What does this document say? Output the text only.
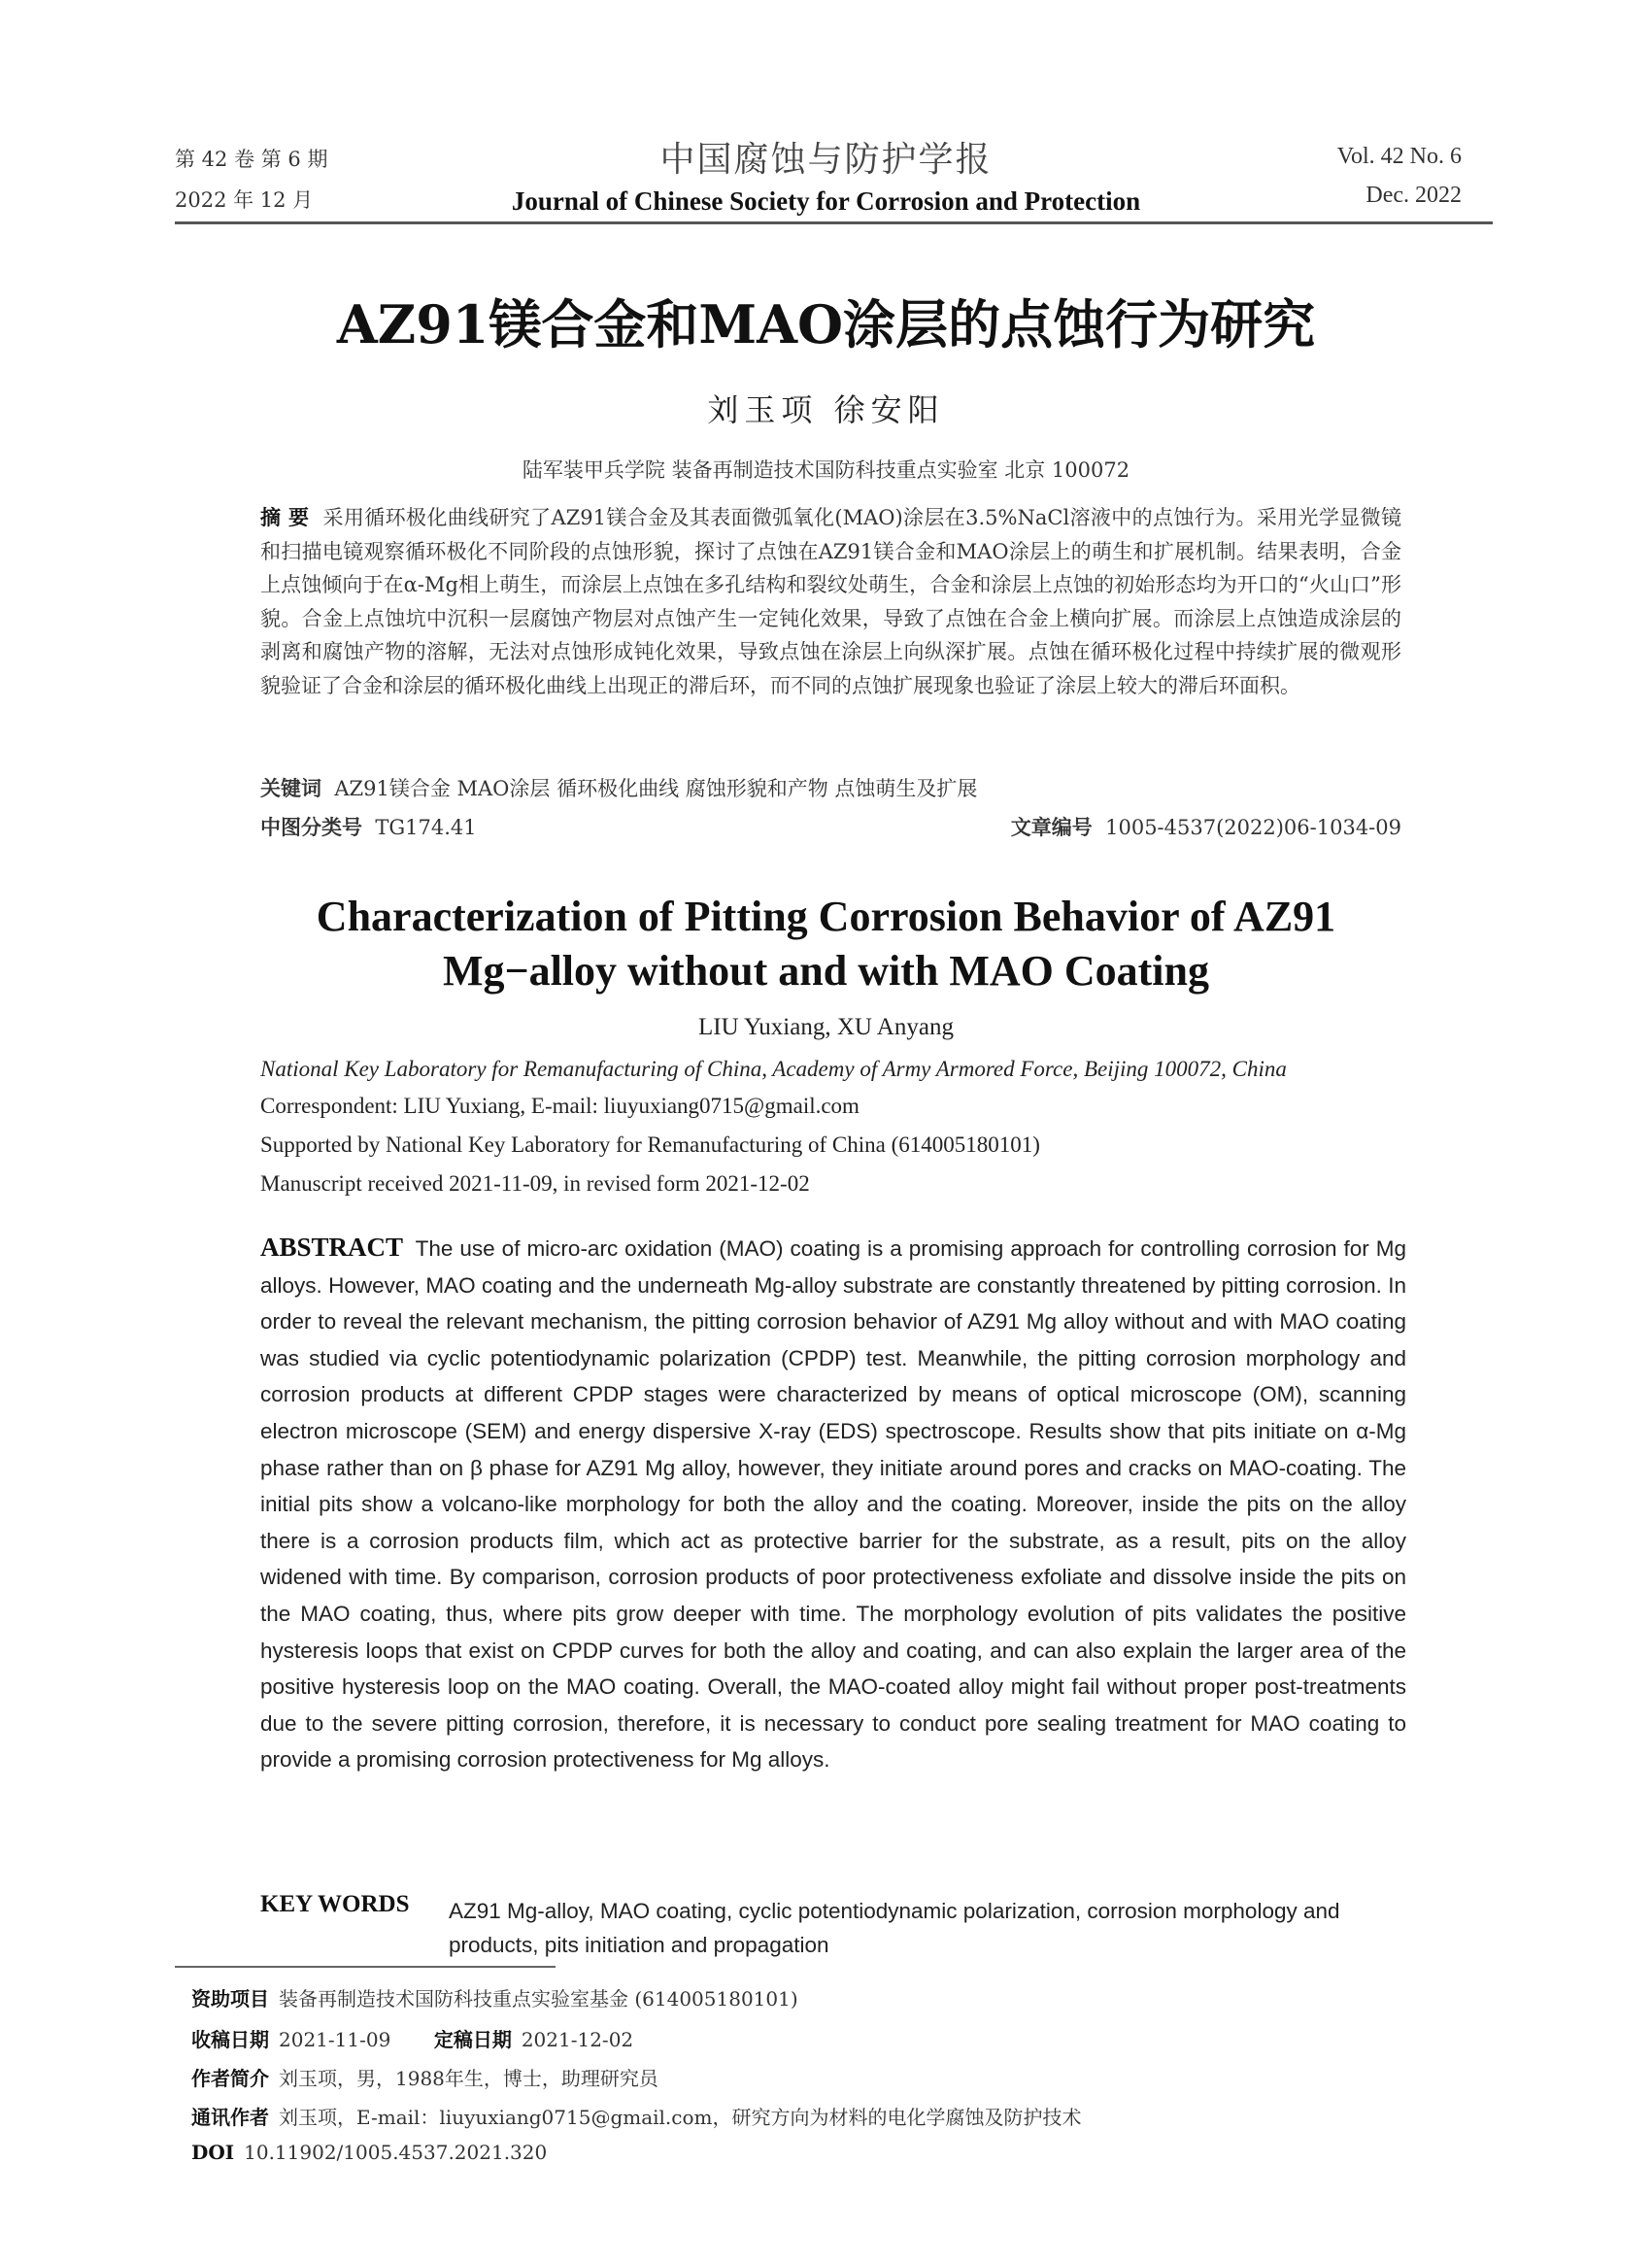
第 42 卷 第 6 期
2022 年 12 月
中国腐蚀与防护学报
Journal of Chinese Society for Corrosion and Protection
Vol. 42 No. 6
Dec. 2022
AZ91镁合金和MAO涂层的点蚀行为研究
刘玉项 徐安阳
陆军装甲兵学院 装备再制造技术国防科技重点实验室 北京 100072
摘 要 采用循环极化曲线研究了AZ91镁合金及其表面微弧氧化(MAO)涂层在3.5%NaCl溶液中的点蚀行为。采用光学显微镜和扫描电镜观察循环极化不同阶段的点蚀形貌，探讨了点蚀在AZ91镁合金和MAO涂层上的萌生和扩展机制。结果表明，合金上点蚀倾向于在α-Mg相上萌生，而涂层上点蚀在多孔结构和裂纹处萌生，合金和涂层上点蚀的初始形态均为开口的“火山口”形貌。合金上点蚀坑中沉积一层腐蚀产物层对点蚀产生一定钝化效果，导致了点蚀在合金上横向扩展。而涂层上点蚀造成涂层的剥离和腐蚀产物的溶解，无法对点蚀形成钝化效果，导致点蚀在涂层上向纵深扩展。点蚀在循环极化过程中持续扩展的微观形貌验证了合金和涂层的循环极化曲线上出现正的滞后环，而不同的点蚀扩展现象也验证了涂层上较大的滞后环面积。
关键词 AZ91镁合金 MAO涂层 循环极化曲线 腐蚀形貌和产物 点蚀萌生及扩展
中图分类号 TG174.41	文章编号 1005-4537(2022)06-1034-09
Characterization of Pitting Corrosion Behavior of AZ91
Mg−alloy without and with MAO Coating
LIU Yuxiang, XU Anyang
National Key Laboratory for Remanufacturing of China, Academy of Army Armored Force, Beijing 100072, China
Correspondent: LIU Yuxiang, E-mail: liuyuxiang0715@gmail.com
Supported by National Key Laboratory for Remanufacturing of China (614005180101)
Manuscript received 2021-11-09, in revised form 2021-12-02
ABSTRACT The use of micro-arc oxidation (MAO) coating is a promising approach for controlling corrosion for Mg alloys. However, MAO coating and the underneath Mg-alloy substrate are constantly threatened by pitting corrosion. In order to reveal the relevant mechanism, the pitting corrosion behavior of AZ91 Mg alloy without and with MAO coating was studied via cyclic potentiodynamic polarization (CPDP) test. Meanwhile, the pitting corrosion morphology and corrosion products at different CPDP stages were characterized by means of optical microscope (OM), scanning electron microscope (SEM) and energy dispersive X-ray (EDS) spectroscope. Results show that pits initiate on α-Mg phase rather than on β phase for AZ91 Mg alloy, however, they initiate around pores and cracks on MAO-coating. The initial pits show a volcano-like morphology for both the alloy and the coating. Moreover, inside the pits on the alloy there is a corrosion products film, which act as protective barrier for the substrate, as a result, pits on the alloy widened with time. By comparison, corrosion products of poor protectiveness exfoliate and dissolve inside the pits on the MAO coating, thus, where pits grow deeper with time. The morphology evolution of pits validates the positive hysteresis loops that exist on CPDP curves for both the alloy and coating, and can also explain the larger area of the positive hysteresis loop on the MAO coating. Overall, the MAO-coated alloy might fail without proper post-treatments due to the severe pitting corrosion, therefore, it is necessary to conduct pore sealing treatment for MAO coating to provide a promising corrosion protectiveness for Mg alloys.
KEY WORDS AZ91 Mg-alloy, MAO coating, cyclic potentiodynamic polarization, corrosion morphology and products, pits initiation and propagation
资助项目 装备再制造技术国防科技重点实验室基金 (614005180101)
收稿日期 2021-11-09 定稿日期 2021-12-02
作者简介 刘玉项，男，1988年生，博士，助理研究员
通讯作者 刘玉项，E-mail：liuyuxiang0715@gmail.com，研究方向为材料的电化学腐蚀及防护技术
DOI 10.11902/1005.4537.2021.320
